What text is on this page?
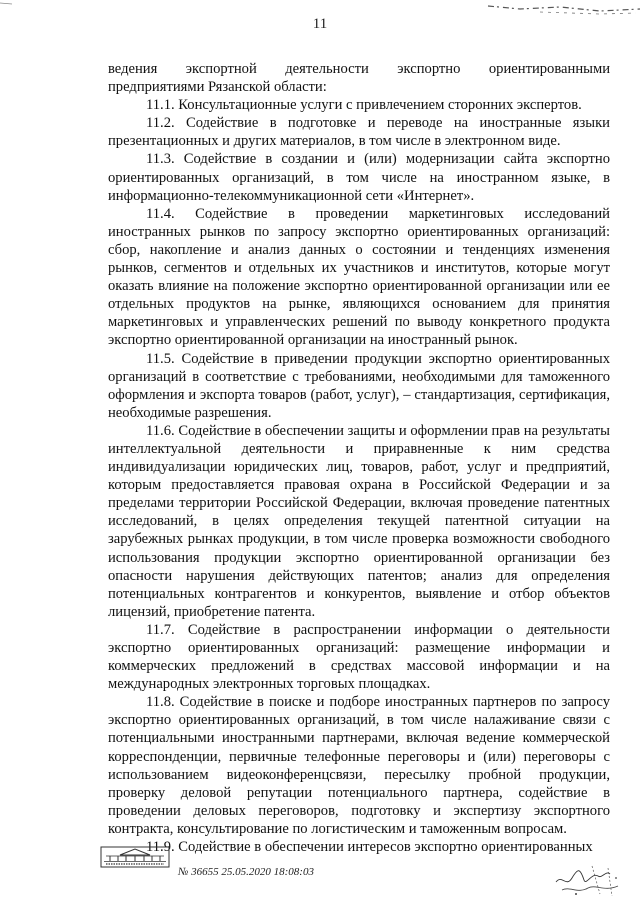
11

ведения экспортной деятельности экспортно ориентированными предприятиями Рязанской области:

11.1. Консультационные услуги с привлечением сторонних экспертов.

11.2. Содействие в подготовке и переводе на иностранные языки презентационных и других материалов, в том числе в электронном виде.

11.3. Содействие в создании и (или) модернизации сайта экспортно ориентированных организаций, в том числе на иностранном языке, в информационно-телекоммуникационной сети «Интернет».

11.4. Содействие в проведении маркетинговых исследований иностранных рынков по запросу экспортно ориентированных организаций: сбор, накопление и анализ данных о состоянии и тенденциях изменения рынков, сегментов и отдельных их участников и институтов, которые могут оказать влияние на положение экспортно ориентированной организации или ее отдельных продуктов на рынке, являющихся основанием для принятия маркетинговых и управленческих решений по выводу конкретного продукта экспортно ориентированной организации на иностранный рынок.

11.5. Содействие в приведении продукции экспортно ориентированных организаций в соответствие с требованиями, необходимыми для таможенного оформления и экспорта товаров (работ, услуг), – стандартизация, сертификация, необходимые разрешения.

11.6. Содействие в обеспечении защиты и оформлении прав на результаты интеллектуальной деятельности и приравненные к ним средства индивидуализации юридических лиц, товаров, работ, услуг и предприятий, которым предоставляется правовая охрана в Российской Федерации и за пределами территории Российской Федерации, включая проведение патентных исследований, в целях определения текущей патентной ситуации на зарубежных рынках продукции, в том числе проверка возможности свободного использования продукции экспортно ориентированной организации без опасности нарушения действующих патентов; анализ для определения потенциальных контрагентов и конкурентов, выявление и отбор объектов лицензий, приобретение патента.

11.7. Содействие в распространении информации о деятельности экспортно ориентированных организаций: размещение информации и коммерческих предложений в средствах массовой информации и на международных электронных торговых площадках.

11.8. Содействие в поиске и подборе иностранных партнеров по запросу экспортно ориентированных организаций, в том числе налаживание связи с потенциальными иностранными партнерами, включая ведение коммерческой корреспонденции, первичные телефонные переговоры и (или) переговоры с использованием видеоконференцсвязи, пересылку пробной продукции, проверку деловой репутации потенциального партнера, содействие в проведении деловых переговоров, подготовку и экспертизу экспортного контракта, консультирование по логистическим и таможенным вопросам.

11.9. Содействие в обеспечении интересов экспортно ориентированных

№ 36655 25.05.2020 18:08:03
